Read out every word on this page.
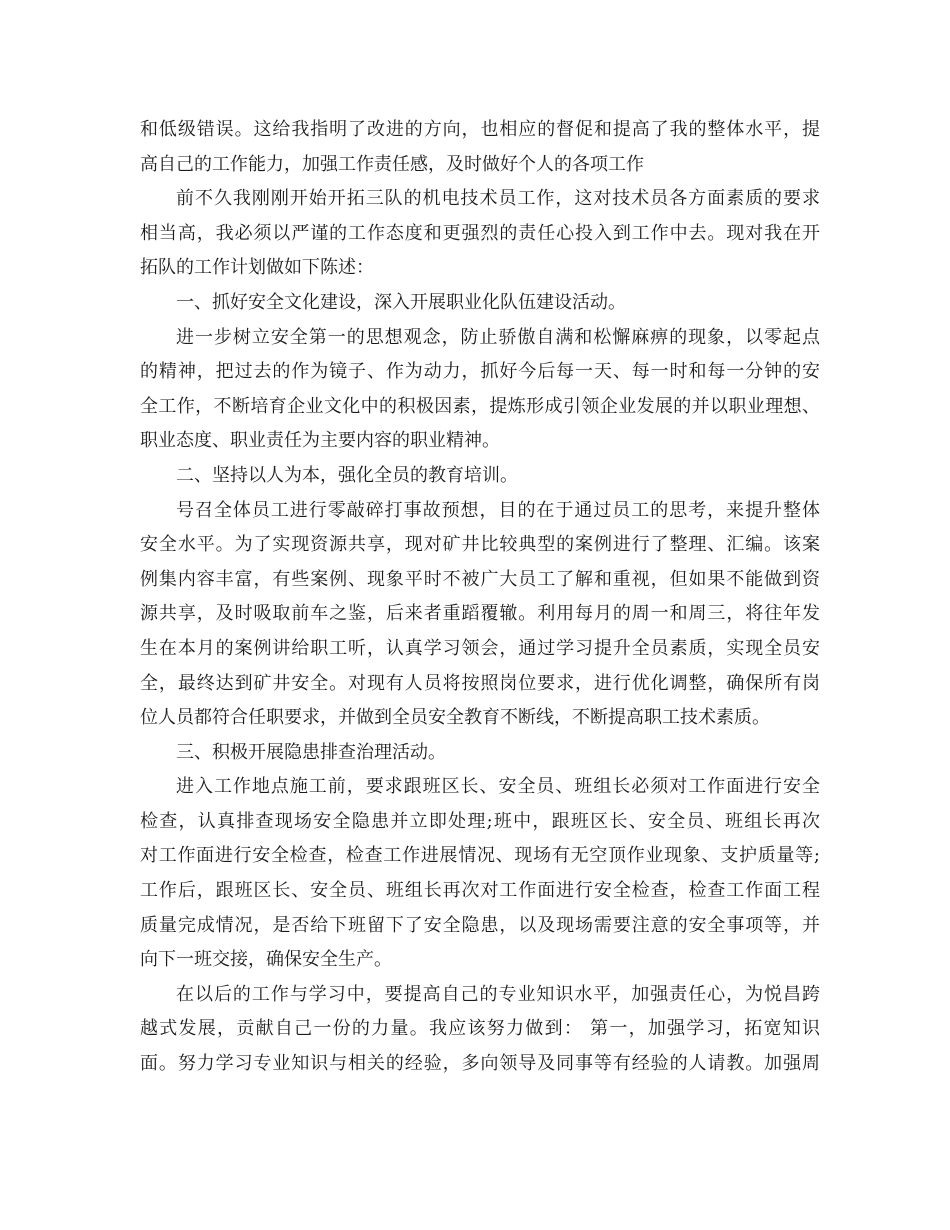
和低级错误。这给我指明了改进的方向，也相应的督促和提高了我的整体水平，提
高自己的工作能力，加强工作责任感，及时做好个人的各项工作
前不久我刚刚开始开拓三队的机电技术员工作，这对技术员各方面素质的要求
相当高，我必须以严谨的工作态度和更强烈的责任心投入到工作中去。现对我在开
拓队的工作计划做如下陈述：
一、抓好安全文化建设，深入开展职业化队伍建设活动。
进一步树立安全第一的思想观念，防止骄傲自满和松懈麻痹的现象，以零起点
的精神，把过去的作为镜子、作为动力，抓好今后每一天、每一时和每一分钟的安
全工作，不断培育企业文化中的积极因素，提炼形成引领企业发展的并以职业理想、
职业态度、职业责任为主要内容的职业精神。
二、坚持以人为本，强化全员的教育培训。
号召全体员工进行零敲碎打事故预想，目的在于通过员工的思考，来提升整体
安全水平。为了实现资源共享，现对矿井比较典型的案例进行了整理、汇编。该案
例集内容丰富，有些案例、现象平时不被广大员工了解和重视，但如果不能做到资
源共享，及时吸取前车之鉴，后来者重蹈覆辙。利用每月的周一和周三，将往年发
生在本月的案例讲给职工听，认真学习领会，通过学习提升全员素质，实现全员安
全，最终达到矿井安全。对现有人员将按照岗位要求，进行优化调整，确保所有岗
位人员都符合任职要求，并做到全员安全教育不断线，不断提高职工技术素质。
三、积极开展隐患排查治理活动。
进入工作地点施工前，要求跟班区长、安全员、班组长必须对工作面进行安全
检查，认真排查现场安全隐患并立即处理;班中，跟班区长、安全员、班组长再次
对工作面进行安全检查，检查工作进展情况、现场有无空顶作业现象、支护质量等;
工作后，跟班区长、安全员、班组长再次对工作面进行安全检查，检查工作面工程
质量完成情况，是否给下班留下了安全隐患，以及现场需要注意的安全事项等，并
向下一班交接，确保安全生产。
在以后的工作与学习中，要提高自己的专业知识水平，加强责任心，为悦昌跨
越式发展，贡献自己一份的力量。我应该努力做到： 第一，加强学习，拓宽知识
面。努力学习专业知识与相关的经验，多向领导及同事等有经验的人请教。加强周
